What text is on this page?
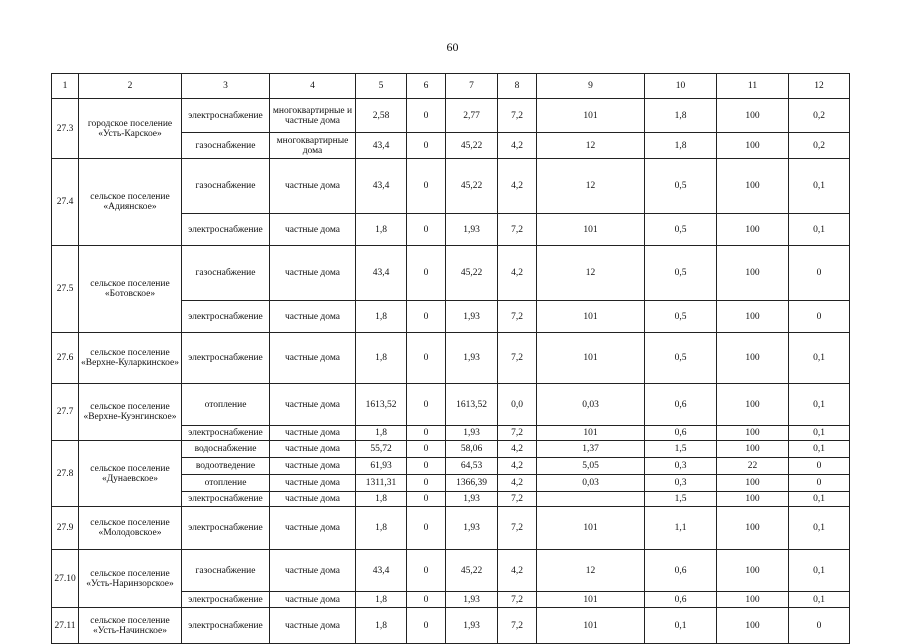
60
1	2	3	4	5	6	7	8	9	10	11	12
27.3	городское поселение «Усть-Карское»	электроснабжение	многоквартирные и частные дома	2,58	0	2,77	7,2	101	1,8	100	0,2
		газоснабжение	многоквартирные дома	43,4	0	45,22	4,2	12	1,8	100	0,2
27.4	сельское поселение «Адиянское»	газоснабжение	частные дома	43,4	0	45,22	4,2	12	0,5	100	0,1
		электроснабжение	частные дома	1,8	0	1,93	7,2	101	0,5	100	0,1
27.5	сельское поселение «Ботовское»	газоснабжение	частные дома	43,4	0	45,22	4,2	12	0,5	100	0
		электроснабжение	частные дома	1,8	0	1,93	7,2	101	0,5	100	0
27.6	сельское поселение «Верхне-Куларкинское»	электроснабжение	частные дома	1,8	0	1,93	7,2	101	0,5	100	0,1
27.7	сельское поселение «Верхне-Куэнгинское»	отопление	частные дома	1613,52	0	1613,52	0,0	0,03	0,6	100	0,1
		электроснабжение	частные дома	1,8	0	1,93	7,2	101	0,6	100	0,1
27.8	сельское поселение «Дунаевское»	водоснабжение	частные дома	55,72	0	58,06	4,2	1,37	1,5	100	0,1
		водоотведение	частные дома	61,93	0	64,53	4,2	5,05	0,3	22	0
		отопление	частные дома	1311,31	0	1366,39	4,2	0,03	0,3	100	0
		электроснабжение	частные дома	1,8	0	1,93	7,2		1,5	100	0,1
27.9	сельское поселение «Молодовское»	электроснабжение	частные дома	1,8	0	1,93	7,2	101	1,1	100	0,1
27.10	сельское поселение «Усть-Наринзорское»	газоснабжение	частные дома	43,4	0	45,22	4,2	12	0,6	100	0,1
		электроснабжение	частные дома	1,8	0	1,93	7,2	101	0,6	100	0,1
27.11	сельское поселение «Усть-Начинское»	электроснабжение	частные дома	1,8	0	1,93	7,2	101	0,1	100	0
